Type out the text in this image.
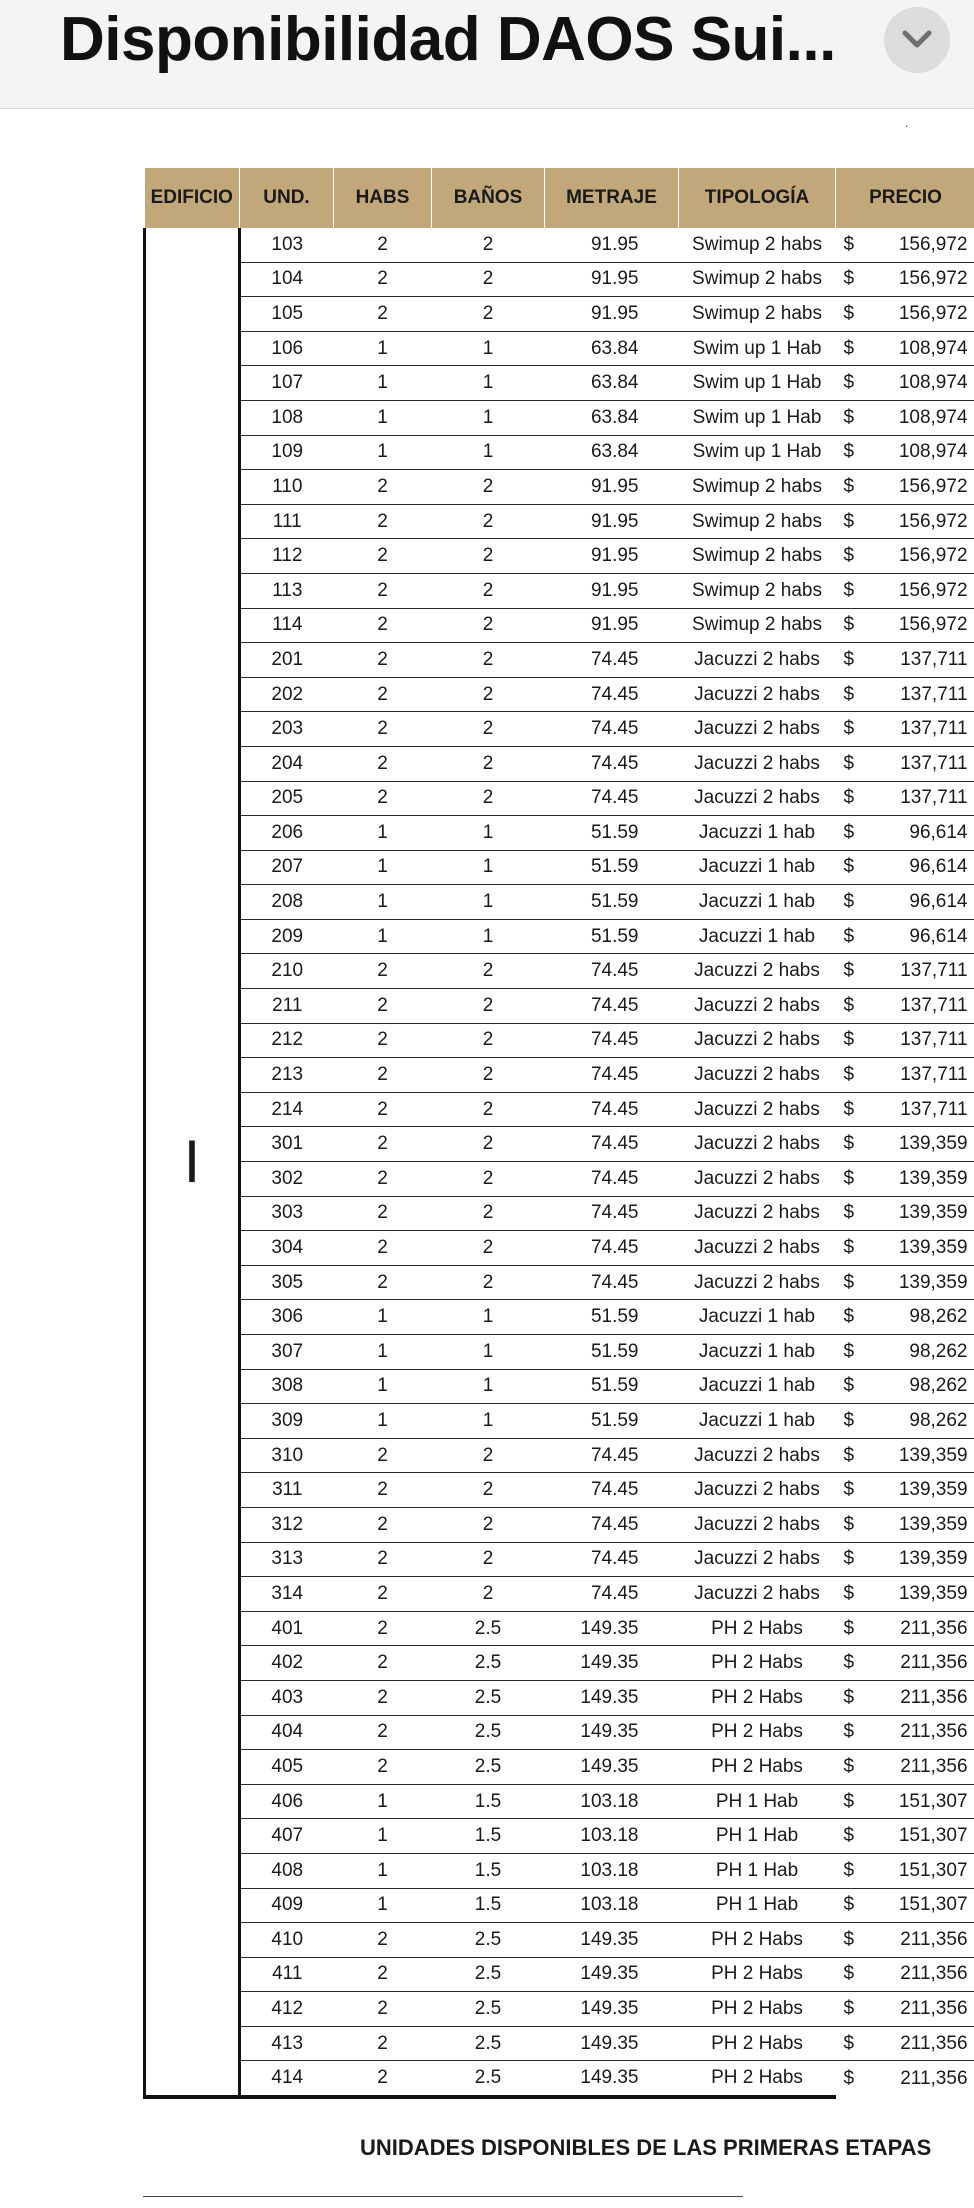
Disponibilidad DAOS Sui...
.
EDIFICIO	UND.	HABS	BAÑOS	METRAJE	TIPOLOGÍA	PRECIO	
I	103	2	2	91.95	Swimup 2 habs	$	156,972
	104	2	2	91.95	Swimup 2 habs	$	156,972
	105	2	2	91.95	Swimup 2 habs	$	156,972
	106	1	1	63.84	Swim up 1 Hab	$	108,974
	107	1	1	63.84	Swim up 1 Hab	$	108,974
	108	1	1	63.84	Swim up 1 Hab	$	108,974
	109	1	1	63.84	Swim up 1 Hab	$	108,974
	110	2	2	91.95	Swimup 2 habs	$	156,972
	111	2	2	91.95	Swimup 2 habs	$	156,972
	112	2	2	91.95	Swimup 2 habs	$	156,972
	113	2	2	91.95	Swimup 2 habs	$	156,972
	114	2	2	91.95	Swimup 2 habs	$	156,972
	201	2	2	74.45	Jacuzzi 2 habs	$	137,711
	202	2	2	74.45	Jacuzzi 2 habs	$	137,711
	203	2	2	74.45	Jacuzzi 2 habs	$	137,711
	204	2	2	74.45	Jacuzzi 2 habs	$	137,711
	205	2	2	74.45	Jacuzzi 2 habs	$	137,711
	206	1	1	51.59	Jacuzzi 1 hab	$	96,614
	207	1	1	51.59	Jacuzzi 1 hab	$	96,614
	208	1	1	51.59	Jacuzzi 1 hab	$	96,614
	209	1	1	51.59	Jacuzzi 1 hab	$	96,614
	210	2	2	74.45	Jacuzzi 2 habs	$	137,711
	211	2	2	74.45	Jacuzzi 2 habs	$	137,711
	212	2	2	74.45	Jacuzzi 2 habs	$	137,711
	213	2	2	74.45	Jacuzzi 2 habs	$	137,711
	214	2	2	74.45	Jacuzzi 2 habs	$	137,711
	301	2	2	74.45	Jacuzzi 2 habs	$	139,359
	302	2	2	74.45	Jacuzzi 2 habs	$	139,359
	303	2	2	74.45	Jacuzzi 2 habs	$	139,359
	304	2	2	74.45	Jacuzzi 2 habs	$	139,359
	305	2	2	74.45	Jacuzzi 2 habs	$	139,359
	306	1	1	51.59	Jacuzzi 1 hab	$	98,262
	307	1	1	51.59	Jacuzzi 1 hab	$	98,262
	308	1	1	51.59	Jacuzzi 1 hab	$	98,262
	309	1	1	51.59	Jacuzzi 1 hab	$	98,262
	310	2	2	74.45	Jacuzzi 2 habs	$	139,359
	311	2	2	74.45	Jacuzzi 2 habs	$	139,359
	312	2	2	74.45	Jacuzzi 2 habs	$	139,359
	313	2	2	74.45	Jacuzzi 2 habs	$	139,359
	314	2	2	74.45	Jacuzzi 2 habs	$	139,359
	401	2	2.5	149.35	PH 2 Habs	$	211,356
	402	2	2.5	149.35	PH 2 Habs	$	211,356
	403	2	2.5	149.35	PH 2 Habs	$	211,356
	404	2	2.5	149.35	PH 2 Habs	$	211,356
	405	2	2.5	149.35	PH 2 Habs	$	211,356
	406	1	1.5	103.18	PH 1 Hab	$	151,307
	407	1	1.5	103.18	PH 1 Hab	$	151,307
	408	1	1.5	103.18	PH 1 Hab	$	151,307
	409	1	1.5	103.18	PH 1 Hab	$	151,307
	410	2	2.5	149.35	PH 2 Habs	$	211,356
	411	2	2.5	149.35	PH 2 Habs	$	211,356
	412	2	2.5	149.35	PH 2 Habs	$	211,356
	413	2	2.5	149.35	PH 2 Habs	$	211,356
	414	2	2.5	149.35	PH 2 Habs	$	211,356
UNIDADES DISPONIBLES DE LAS PRIMERAS ETAPAS
